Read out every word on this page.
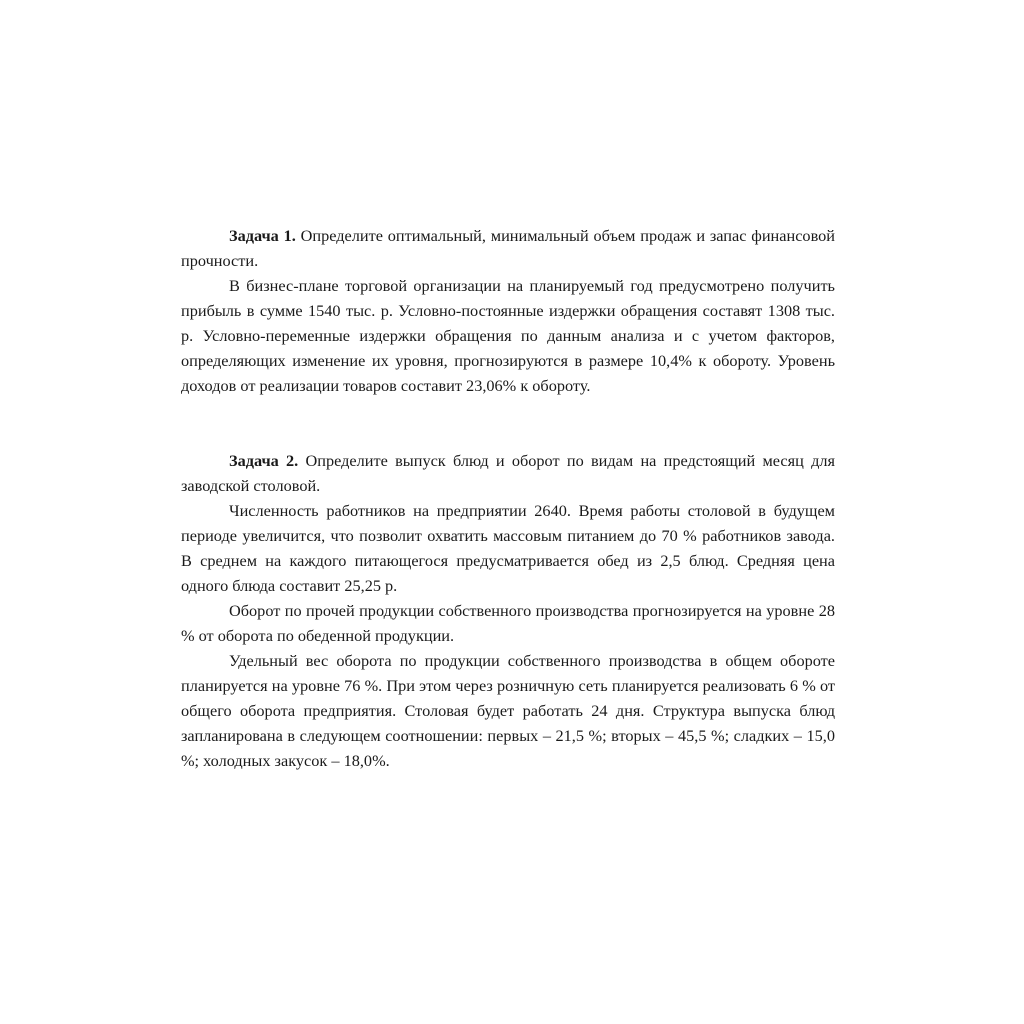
Задача 1. Определите оптимальный, минимальный объем продаж и запас финансовой прочности.

В бизнес-плане торговой организации на планируемый год предусмотрено получить прибыль в сумме 1540 тыс. р. Условно-постоянные издержки обращения составят 1308 тыс. р. Условно-переменные издержки обращения по данным анализа и с учетом факторов, определяющих изменение их уровня, прогнозируются в размере 10,4% к обороту. Уровень доходов от реализации товаров составит 23,06% к обороту.

Задача 2. Определите выпуск блюд и оборот по видам на предстоящий месяц для заводской столовой.

Численность работников на предприятии 2640. Время работы столовой в будущем периоде увеличится, что позволит охватить массовым питанием до 70 % работников завода. В среднем на каждого питающегося предусматривается обед из 2,5 блюд. Средняя цена одного блюда составит 25,25 р.

Оборот по прочей продукции собственного производства прогнозируется на уровне 28 % от оборота по обеденной продукции.

Удельный вес оборота по продукции собственного производства в общем обороте планируется на уровне 76 %. При этом через розничную сеть планируется реализовать 6 % от общего оборота предприятия. Столовая будет работать 24 дня. Структура выпуска блюд запланирована в следующем соотношении: первых – 21,5 %; вторых – 45,5 %; сладких – 15,0 %; холодных закусок – 18,0%.
